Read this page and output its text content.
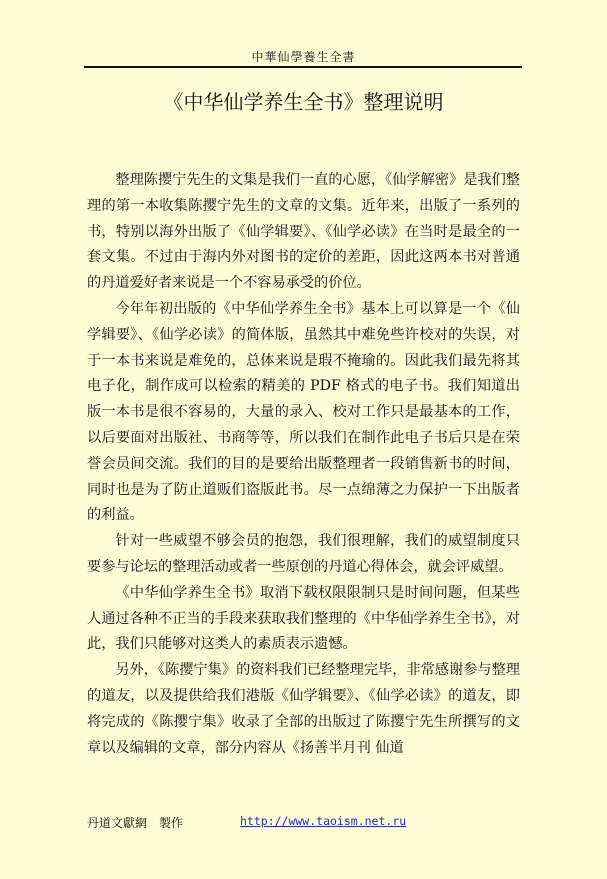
中華仙學養生全書
《中华仙学养生全书》整理说明

整理陈撄宁先生的文集是我们一直的心愿，《仙学解密》是我们整理的第一本收集陈撄宁先生的文章的文集。近年来，出版了一系列的书，特别以海外出版了《仙学辑要》、《仙学必读》在当时是最全的一套文集。不过由于海内外对图书的定价的差距，因此这两本书对普通的丹道爱好者来说是一个不容易承受的价位。

今年年初出版的《中华仙学养生全书》基本上可以算是一个《仙学辑要》、《仙学必读》的简体版，虽然其中难免些许校对的失误，对于一本书来说是难免的，总体来说是瑕不掩瑜的。因此我们最先将其电子化，制作成可以检索的精美的 PDF 格式的电子书。我们知道出版一本书是很不容易的，大量的录入、校对工作只是最基本的工作，以后要面对出版社、书商等等，所以我们在制作此电子书后只是在荣誉会员间交流。我们的目的是要给出版整理者一段销售新书的时间，同时也是为了防止道贩们盗版此书。尽一点绵薄之力保护一下出版者的利益。

针对一些威望不够会员的抱怨，我们很理解，我们的威望制度只要参与论坛的整理活动或者一些原创的丹道心得体会，就会评威望。

《中华仙学养生全书》取消下载权限限制只是时间问题，但某些人通过各种不正当的手段来获取我们整理的《中华仙学养生全书》，对此，我们只能够对这类人的素质表示遗憾。

另外，《陈撄宁集》的资料我们已经整理完毕，非常感谢参与整理的道友，以及提供给我们港版《仙学辑要》、《仙学必读》的道友，即将完成的《陈撄宁集》收录了全部的出版过了陈撄宁先生所撰写的文章以及编辑的文章，部分内容从《扬善半月刊 仙道

丹道文獻網　製作	http://www.taoism.net.ru
